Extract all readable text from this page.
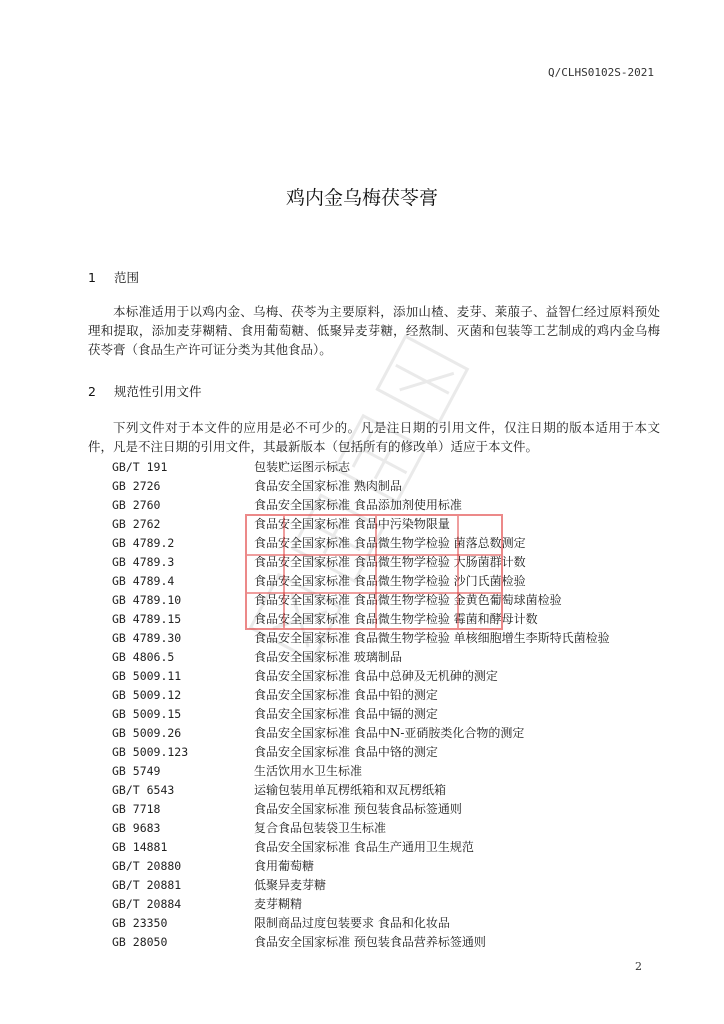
Q/CLHS0102S-2021
鸡内金乌梅茯苓膏
1 范围

本标准适用于以鸡内金、乌梅、茯苓为主要原料，添加山楂、麦芽、莱菔子、益智仁经过原料预处理和提取，添加麦芽糊精、食用葡萄糖、低聚异麦芽糖，经熬制、灭菌和包装等工艺制成的鸡内金乌梅茯苓膏（食品生产许可证分类为其他食品）。

2 规范性引用文件

下列文件对于本文件的应用是必不可少的。凡是注日期的引用文件，仅注日期的版本适用于本文件，凡是不注日期的引用文件，其最新版本（包括所有的修改单）适应于本文件。

GB/T 191	包装贮运图示标志
GB 2726	食品安全国家标准 熟肉制品
GB 2760	食品安全国家标准 食品添加剂使用标准
GB 2762	食品安全国家标准 食品中污染物限量
GB 4789.2	食品安全国家标准 食品微生物学检验 菌落总数测定
GB 4789.3	食品安全国家标准 食品微生物学检验 大肠菌群计数
GB 4789.4	食品安全国家标准 食品微生物学检验 沙门氏菌检验
GB 4789.10	食品安全国家标准 食品微生物学检验 金黄色葡萄球菌检验
GB 4789.15	食品安全国家标准 食品微生物学检验 霉菌和酵母计数
GB 4789.30	食品安全国家标准 食品微生物学检验 单核细胞增生李斯特氏菌检验
GB 4806.5	食品安全国家标准 玻璃制品
GB 5009.11	食品安全国家标准 食品中总砷及无机砷的测定
GB 5009.12	食品安全国家标准 食品中铅的测定
GB 5009.15	食品安全国家标准 食品中镉的测定
GB 5009.26	食品安全国家标准 食品中N-亚硝胺类化合物的测定
GB 5009.123	食品安全国家标准 食品中铬的测定
GB 5749	生活饮用水卫生标准
GB/T 6543	运输包装用单瓦楞纸箱和双瓦楞纸箱
GB 7718	食品安全国家标准 预包装食品标签通则
GB 9683	复合食品包装袋卫生标准
GB 14881	食品安全国家标准 食品生产通用卫生规范
GB/T 20880	食用葡萄糖
GB/T 20881	低聚异麦芽糖
GB/T 20884	麦芽糊精
GB 23350	限制商品过度包装要求 食品和化妆品
GB 28050	食品安全国家标准 预包装食品营养标签通则
2
